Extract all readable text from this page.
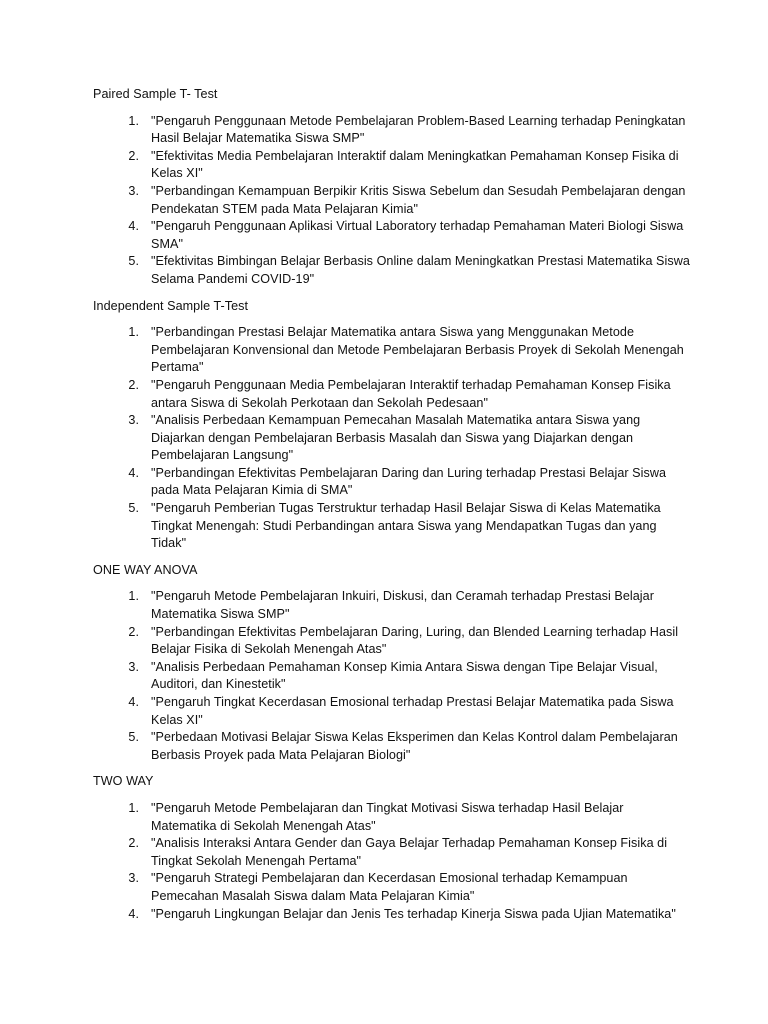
Paired Sample T- Test

1. "Pengaruh Penggunaan Metode Pembelajaran Problem-Based Learning terhadap Peningkatan Hasil Belajar Matematika Siswa SMP"
2. "Efektivitas Media Pembelajaran Interaktif dalam Meningkatkan Pemahaman Konsep Fisika di Kelas XI"
3. "Perbandingan Kemampuan Berpikir Kritis Siswa Sebelum dan Sesudah Pembelajaran dengan Pendekatan STEM pada Mata Pelajaran Kimia"
4. "Pengaruh Penggunaan Aplikasi Virtual Laboratory terhadap Pemahaman Materi Biologi Siswa SMA"
5. "Efektivitas Bimbingan Belajar Berbasis Online dalam Meningkatkan Prestasi Matematika Siswa Selama Pandemi COVID-19"

Independent Sample T-Test

1. "Perbandingan Prestasi Belajar Matematika antara Siswa yang Menggunakan Metode Pembelajaran Konvensional dan Metode Pembelajaran Berbasis Proyek di Sekolah Menengah Pertama"
2. "Pengaruh Penggunaan Media Pembelajaran Interaktif terhadap Pemahaman Konsep Fisika antara Siswa di Sekolah Perkotaan dan Sekolah Pedesaan"
3. "Analisis Perbedaan Kemampuan Pemecahan Masalah Matematika antara Siswa yang Diajarkan dengan Pembelajaran Berbasis Masalah dan Siswa yang Diajarkan dengan Pembelajaran Langsung"
4. "Perbandingan Efektivitas Pembelajaran Daring dan Luring terhadap Prestasi Belajar Siswa pada Mata Pelajaran Kimia di SMA"
5. "Pengaruh Pemberian Tugas Terstruktur terhadap Hasil Belajar Siswa di Kelas Matematika Tingkat Menengah: Studi Perbandingan antara Siswa yang Mendapatkan Tugas dan yang Tidak"

ONE WAY ANOVA

1. "Pengaruh Metode Pembelajaran Inkuiri, Diskusi, dan Ceramah terhadap Prestasi Belajar Matematika Siswa SMP"
2. "Perbandingan Efektivitas Pembelajaran Daring, Luring, dan Blended Learning terhadap Hasil Belajar Fisika di Sekolah Menengah Atas"
3. "Analisis Perbedaan Pemahaman Konsep Kimia Antara Siswa dengan Tipe Belajar Visual, Auditori, dan Kinestetik"
4. "Pengaruh Tingkat Kecerdasan Emosional terhadap Prestasi Belajar Matematika pada Siswa Kelas XI"
5. "Perbedaan Motivasi Belajar Siswa Kelas Eksperimen dan Kelas Kontrol dalam Pembelajaran Berbasis Proyek pada Mata Pelajaran Biologi"

TWO WAY

1. "Pengaruh Metode Pembelajaran dan Tingkat Motivasi Siswa terhadap Hasil Belajar Matematika di Sekolah Menengah Atas"
2. "Analisis Interaksi Antara Gender dan Gaya Belajar Terhadap Pemahaman Konsep Fisika di Tingkat Sekolah Menengah Pertama"
3. "Pengaruh Strategi Pembelajaran dan Kecerdasan Emosional terhadap Kemampuan Pemecahan Masalah Siswa dalam Mata Pelajaran Kimia"
4. "Pengaruh Lingkungan Belajar dan Jenis Tes terhadap Kinerja Siswa pada Ujian Matematika"
